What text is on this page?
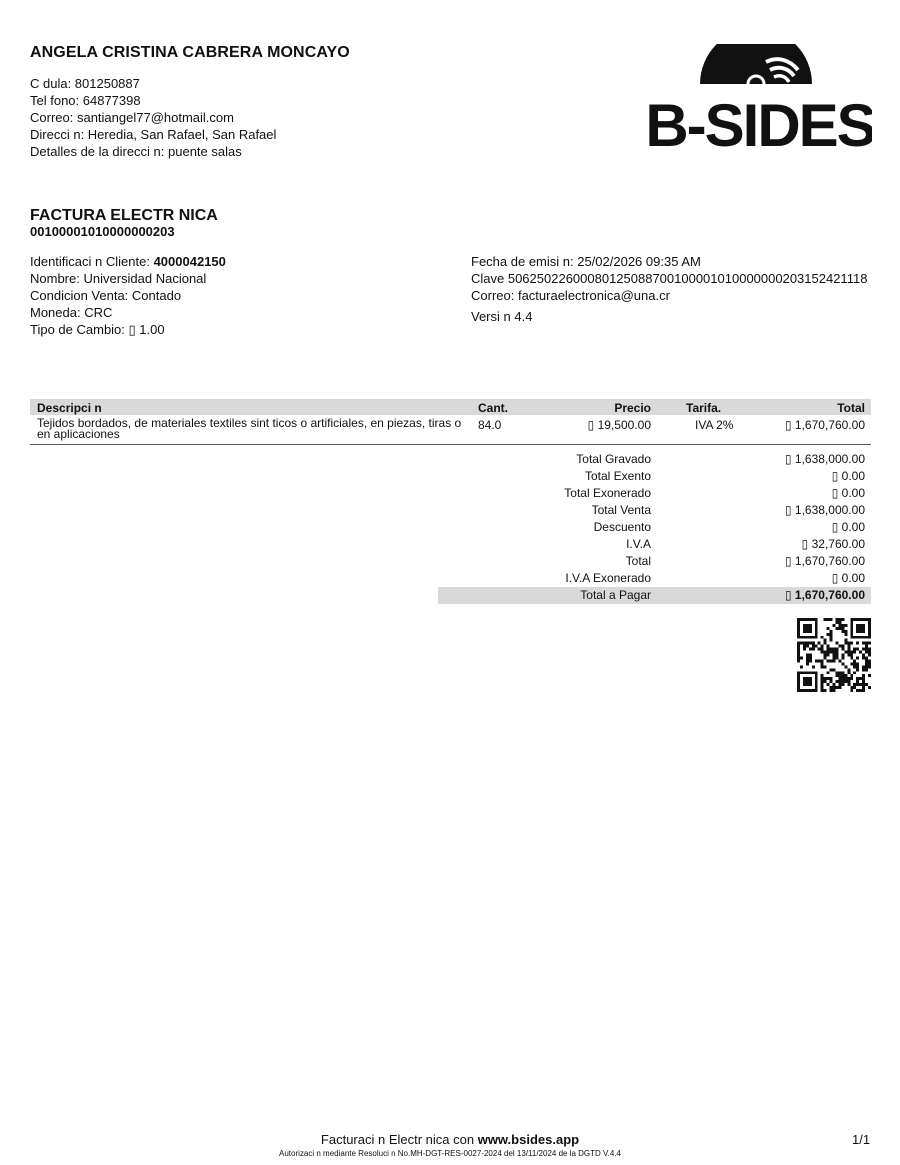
ANGELA CRISTINA CABRERA MONCAYO
C dula: 801250887
Tel fono: 64877398
Correo: santiangel77@hotmail.com
Direcci n: Heredia, San Rafael, San Rafael
Detalles de la direcci n: puente salas	B-SIDES
FACTURA ELECTR NICA
00100001010000000203
Identificaci n Cliente: 4000042150
Nombre: Universidad Nacional
Condicion Venta: Contado
Moneda: CRC
Tipo de Cambio: ▯ 1.00
Fecha de emisi n: 25/02/2026 09:35 AM
Clave 50625022600080125088700100001010000000203152421118
Correo: facturaelectronica@una.cr
Versi n 4.4
Descripci n	Cant.	Precio	Tarifa.	Total
Tejidos bordados, de materiales textiles sint ticos o artificiales, en piezas, tiras o en aplicaciones
84.0	▯ 19,500.00	IVA 2%	▯ 1,670,760.00
Total Gravado	▯ 1,638,000.00
Total Exento	▯ 0.00
Total Exonerado	▯ 0.00
Total Venta	▯ 1,638,000.00
Descuento	▯ 0.00
I.V.A	▯ 32,760.00
Total	▯ 1,670,760.00
I.V.A Exonerado	▯ 0.00
Total a Pagar	▯ 1,670,760.00
Facturaci n Electr nica con www.bsides.app
Autorizaci n mediante Resoluci n No.MH-DGT-RES-0027-2024 del 13/11/2024 de la DGTD V.4.4
1/1
